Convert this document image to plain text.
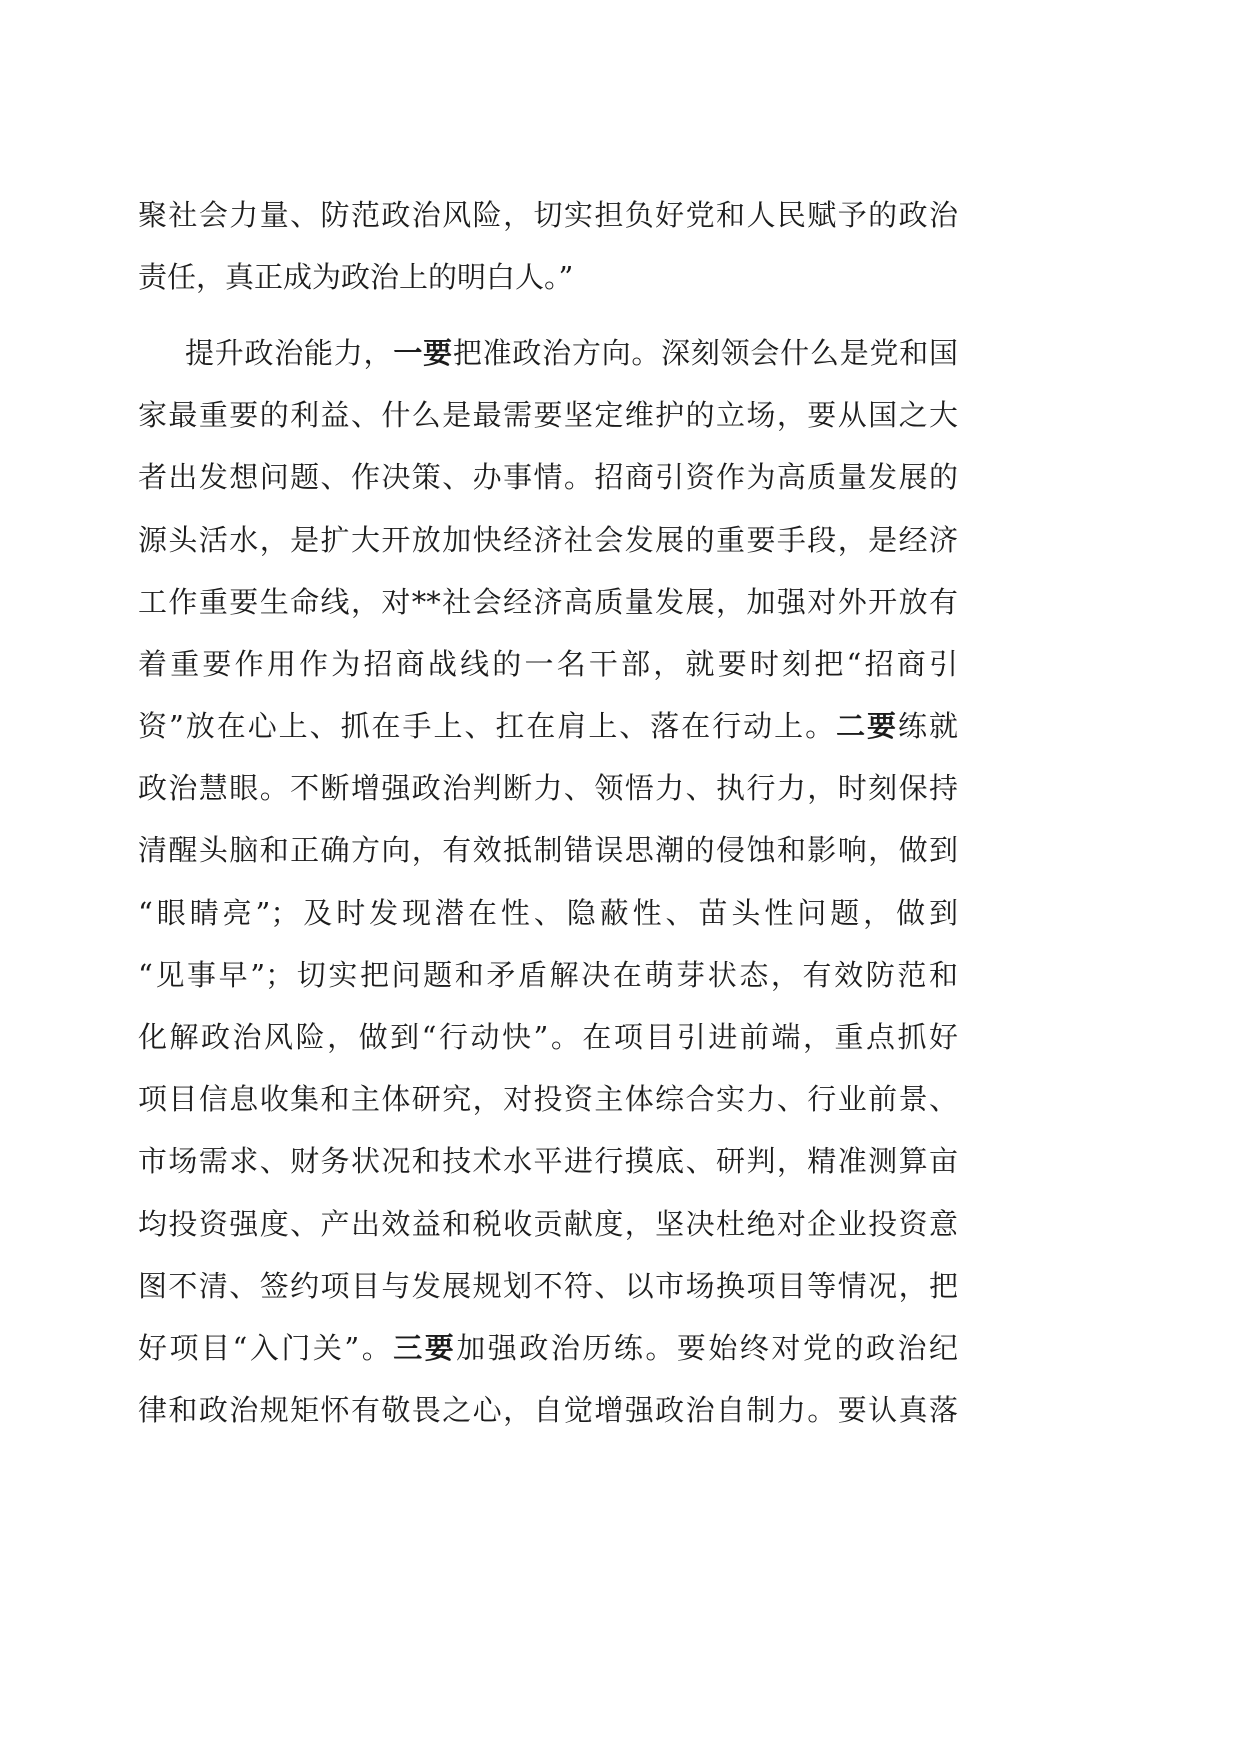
聚社会力量、防范政治风险，切实担负好党和人民赋予的政治
责任，真正成为政治上的明白人。”
提升政治能力，一要把准政治方向。深刻领会什么是党和国
家最重要的利益、什么是最需要坚定维护的立场，要从国之大
者出发想问题、作决策、办事情。招商引资作为高质量发展的
源头活水，是扩大开放加快经济社会发展的重要手段，是经济
工作重要生命线，对**社会经济高质量发展，加强对外开放有
着重要作用作为招商战线的一名干部，就要时刻把“招商引
资”放在心上、抓在手上、扛在肩上、落在行动上。二要练就
政治慧眼。不断增强政治判断力、领悟力、执行力，时刻保持
清醒头脑和正确方向，有效抵制错误思潮的侵蚀和影响，做到
“眼睛亮”；及时发现潜在性、隐蔽性、苗头性问题，做到
“见事早”；切实把问题和矛盾解决在萌芽状态，有效防范和
化解政治风险，做到“行动快”。在项目引进前端，重点抓好
项目信息收集和主体研究，对投资主体综合实力、行业前景、
市场需求、财务状况和技术水平进行摸底、研判，精准测算亩
均投资强度、产出效益和税收贡献度，坚决杜绝对企业投资意
图不清、签约项目与发展规划不符、以市场换项目等情况，把
好项目“入门关”。三要加强政治历练。要始终对党的政治纪
律和政治规矩怀有敬畏之心，自觉增强政治自制力。要认真落
